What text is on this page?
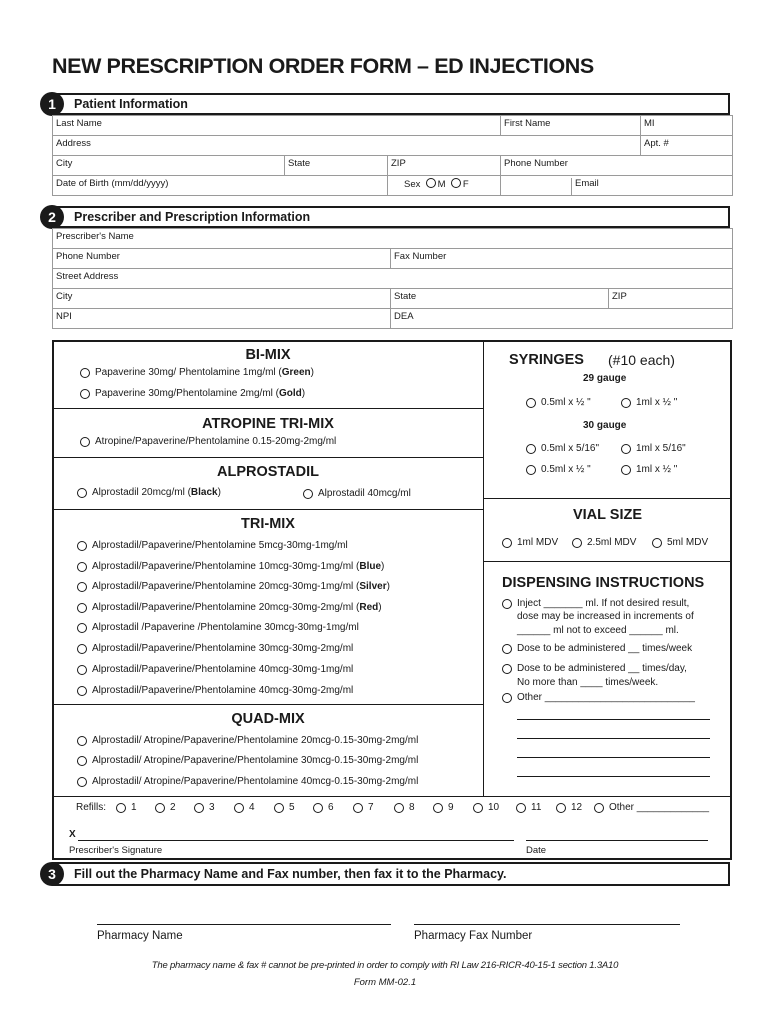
NEW PRESCRIPTION ORDER FORM – ED INJECTIONS
Patient Information
1
Last Name			First Name	MI
Address				Apt. #
City	State	ZIP	Phone Number	
Date of Birth (mm/dd/yyyy)		Sex M F	Email	
Prescriber and Prescription Information
2
Prescriber's Name		
Phone Number	Fax Number	
Street Address		
City	State	ZIP
NPI	DEA	
BI-MIX
Papaverine 30mg/ Phentolamine 1mg/ml ( Green )
Papaverine 30mg/Phentolamine 2mg/ml ( Gold )
ATROPINE TRI-MIX
Atropine/Papaverine/Phentolamine 0.15-20mg-2mg/ml
ALPROSTADIL
Alprostadil 20mcg/ml ( Black )	Alprostadil 40mcg/ml
TRI-MIX
Alprostadil/Papaverine/Phentolamine 5mcg-30mg-1mg/ml
Alprostadil/Papaverine/Phentolamine 10mcg-30mg-1mg/ml ( Blue )
Alprostadil/Papaverine/Phentolamine 20mcg-30mg-1mg/ml ( Silver )
Alprostadil/Papaverine/Phentolamine 20mcg-30mg-2mg/ml ( Red )
Alprostadil /Papaverine /Phentolamine 30mcg-30mg-1mg/ml
Alprostadil/Papaverine/Phentolamine 30mcg-30mg-2mg/ml
Alprostadil/Papaverine/Phentolamine 40mcg-30mg-1mg/ml
Alprostadil/Papaverine/Phentolamine 40mcg-30mg-2mg/ml
QUAD-MIX
Alprostadil/ Atropine/Papaverine/Phentolamine 20mcg-0.15-30mg-2mg/ml
Alprostadil/ Atropine/Papaverine/Phentolamine 30mcg-0.15-30mg-2mg/ml
Alprostadil/ Atropine/Papaverine/Phentolamine 40mcg-0.15-30mg-2mg/ml
SYRINGES (#10 each)
29 gauge
0.5ml x ½ "	1ml x ½ "
30 gauge
0.5ml x 5/16"	1ml x 5/16"
0.5ml x ½ "	1ml x ½ "
VIAL SIZE
1ml MDV	2.5ml MDV	5ml MDV
DISPENSING INSTRUCTIONS
Inject _______ ml. If not desired result,
dose may be increased in increments of
______ ml not to exceed ______ ml.
Dose to be administered __ times/week
Dose to be administered __ times/day,
No more than ____ times/week.
Other ___________________________
Refills: 1	2	3	4	5	6	7	8	9	10	11	12	Other _____________
X
Prescriber's Signature	Date
Fill out the Pharmacy Name and Fax number, then fax it to the Pharmacy.
3
Pharmacy Name	Pharmacy Fax Number
The pharmacy name & fax # cannot be pre-printed in order to comply with RI Law 216-RICR-40-15-1 section 1.3A10
Form MM-02.1
